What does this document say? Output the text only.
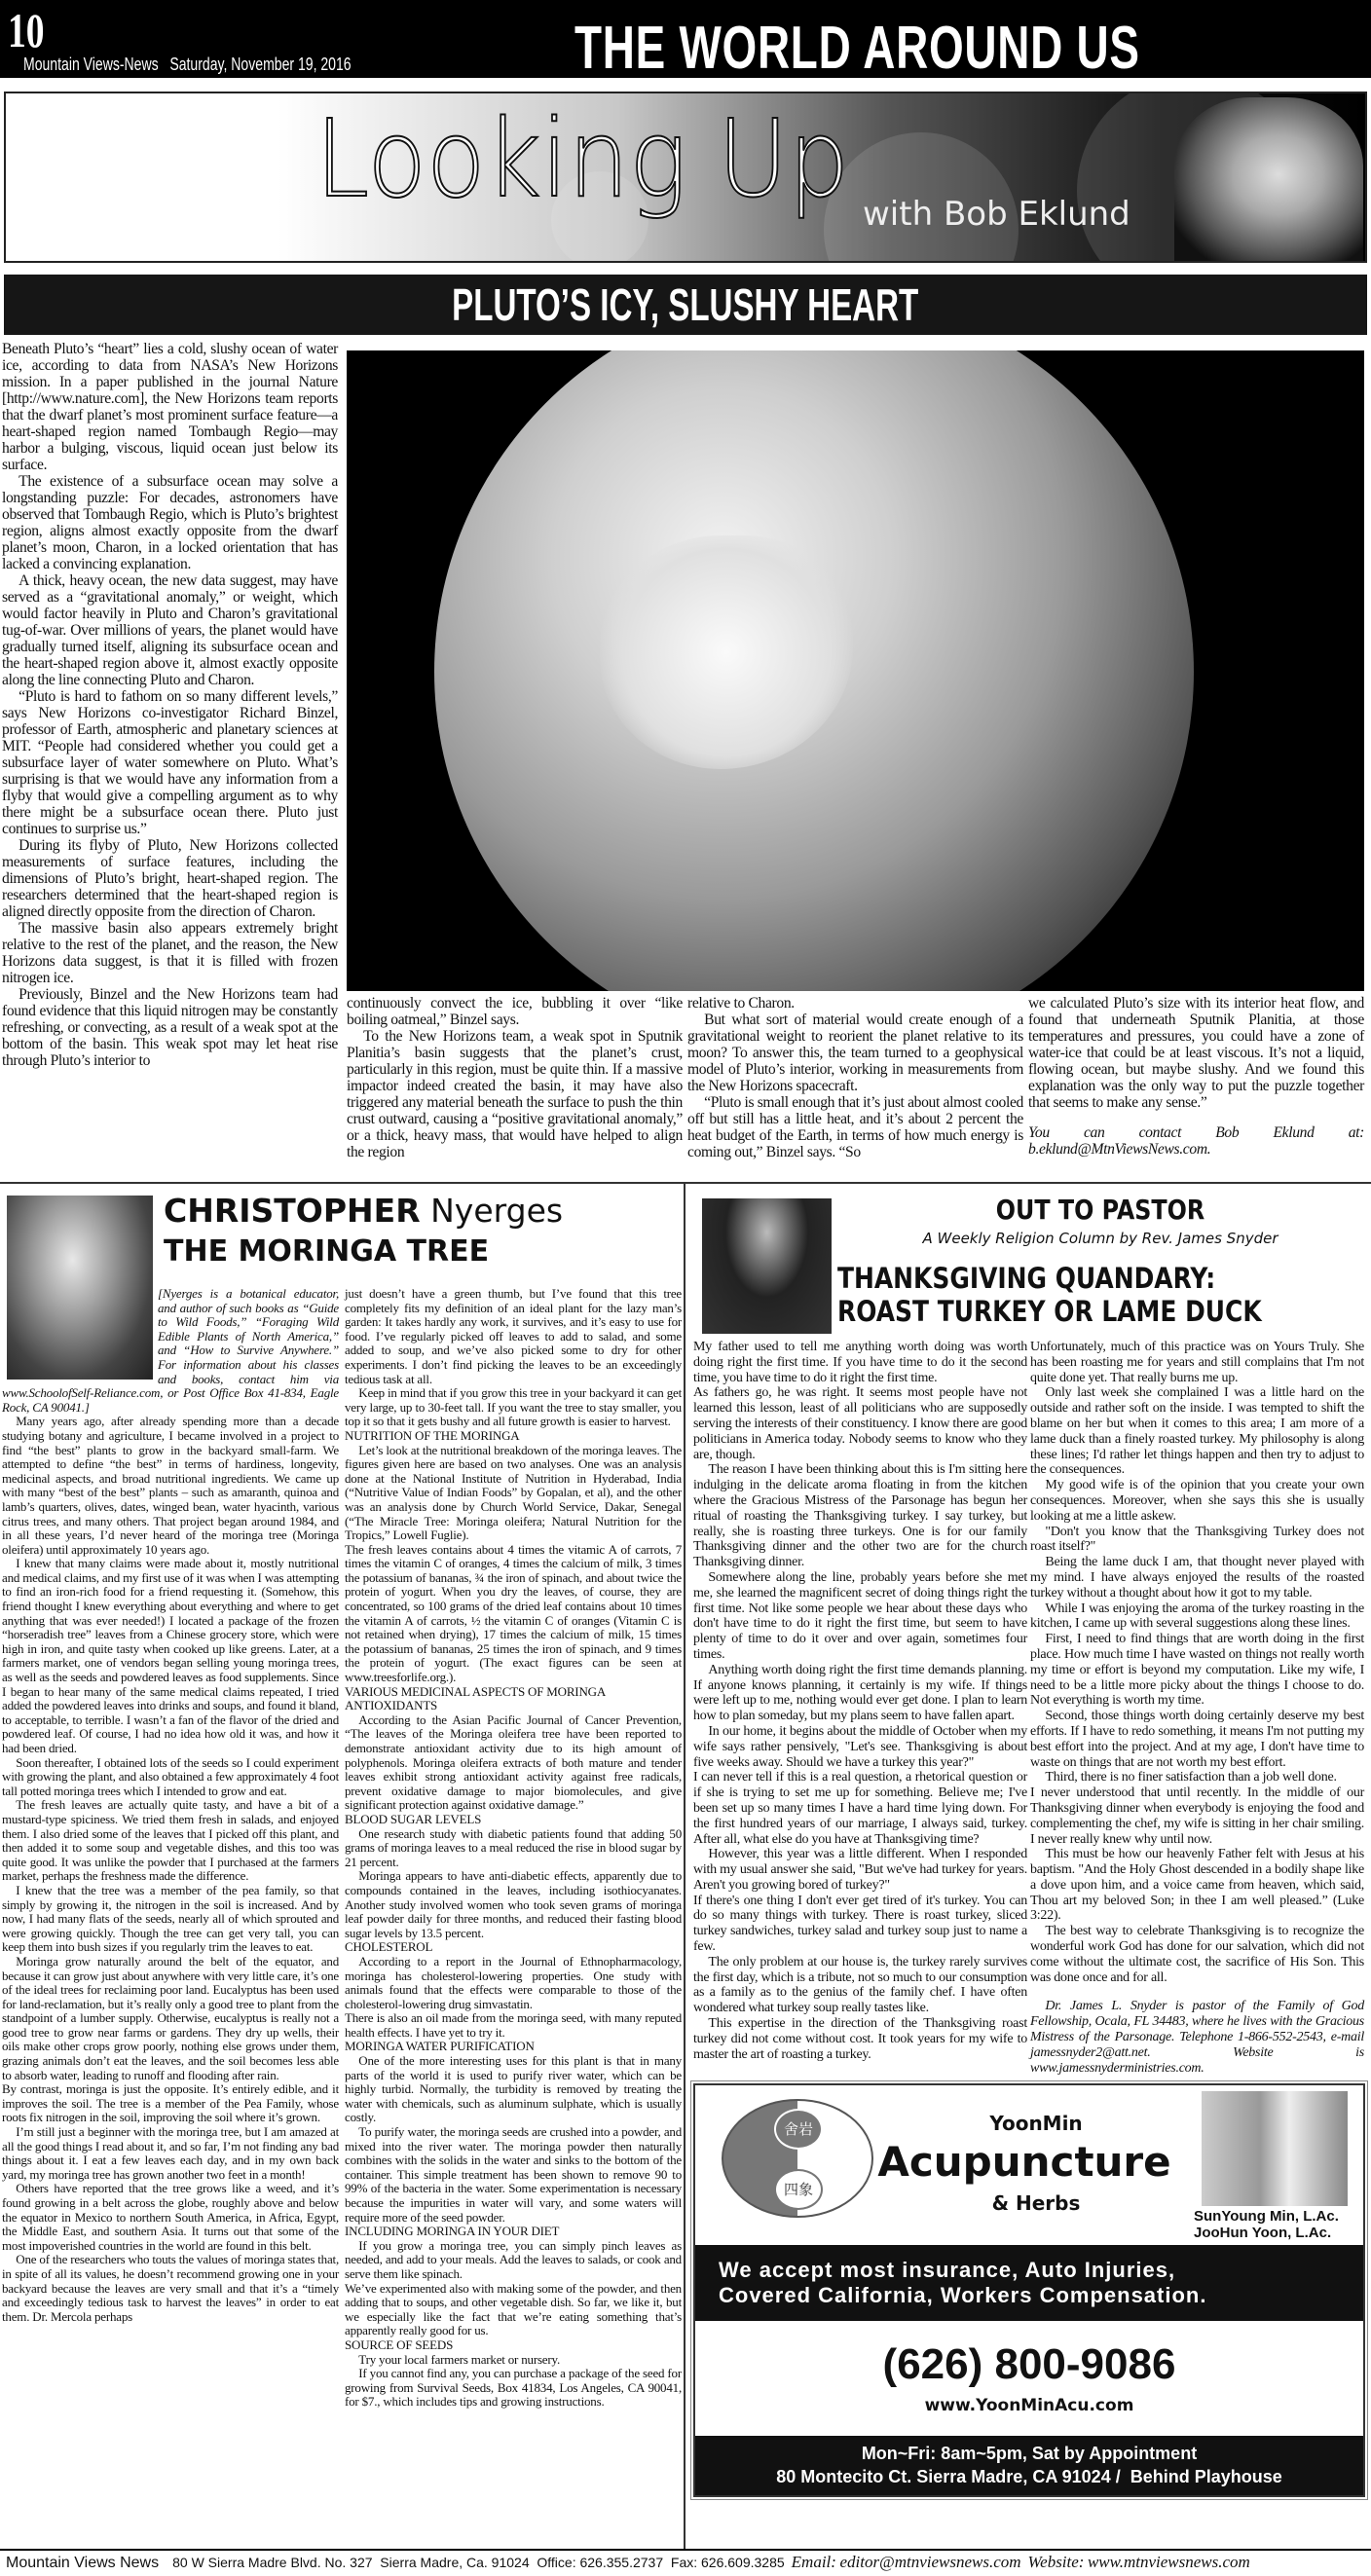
10
Mountain Views-News   Saturday, November 19, 2016	THE WORLD AROUND US
Looking Up with Bob Eklund
PLUTO’S ICY, SLUSHY HEART

Beneath Pluto’s “heart” lies a cold, slushy ocean of water ice, according to data from NASA’s New Horizons mission. In a paper published in the journal Nature [http://www.nature.com], the New Horizons team reports that the dwarf planet’s most prominent surface feature—a heart-shaped region named Tombaugh Regio—may harbor a bulging, viscous, liquid ocean just below its surface.

The existence of a subsurface ocean may solve a longstanding puzzle: For decades, astronomers have observed that Tombaugh Regio, which is Pluto’s brightest region, aligns almost exactly opposite from the dwarf planet’s moon, Charon, in a locked orientation that has lacked a convincing explanation.

A thick, heavy ocean, the new data suggest, may have served as a “gravitational anomaly,” or weight, which would factor heavily in Pluto and Charon’s gravitational tug-of-war. Over millions of years, the planet would have gradually turned itself, aligning its subsurface ocean and the heart-shaped region above it, almost exactly opposite along the line connecting Pluto and Charon.

“Pluto is hard to fathom on so many different levels,” says New Horizons co-investigator Richard Binzel, professor of Earth, atmospheric and planetary sciences at MIT. “People had considered whether you could get a subsurface layer of water somewhere on Pluto. What’s surprising is that we would have any information from a flyby that would give a compelling argument as to why there might be a subsurface ocean there. Pluto just continues to surprise us.”

During its flyby of Pluto, New Horizons collected measurements of surface features, including the dimensions of Pluto’s bright, heart-shaped region. The researchers determined that the heart-shaped region is aligned directly opposite from the direction of Charon.

The massive basin also appears extremely bright relative to the rest of the planet, and the reason, the New Horizons data suggest, is that it is filled with frozen nitrogen ice.

Previously, Binzel and the New Horizons team had found evidence that this liquid nitrogen may be constantly refreshing, or convecting, as a result of a weak spot at the bottom of the basin. This weak spot may let heat rise through Pluto’s interior to

continuously convect the ice, bubbling it over “like boiling oatmeal,” Binzel says.

To the New Horizons team, a weak spot in Sputnik Planitia’s basin suggests that the planet’s crust, particularly in this region, must be quite thin. If a massive impactor indeed created the basin, it may have also triggered any material beneath the surface to push the thin crust outward, causing a “positive gravitational anomaly,” or a thick, heavy mass, that would have helped to align the region

relative to Charon.

But what sort of material would create enough of a gravitational weight to reorient the planet relative to its moon? To answer this, the team turned to a geophysical model of Pluto’s interior, working in measurements from the New Horizons spacecraft.

“Pluto is small enough that it’s just about almost cooled off but still has a little heat, and it’s about 2 percent the heat budget of the Earth, in terms of how much energy is coming out,” Binzel says. “So

we calculated Pluto’s size with its interior heat flow, and found that underneath Sputnik Planitia, at those temperatures and pressures, you could have a zone of water-ice that could be at least viscous. It’s not a liquid, flowing ocean, but maybe slushy. And we found this explanation was the only way to put the puzzle together that seems to make any sense.”

You can contact Bob Eklund at: b.eklund@MtnViewsNews.com.
CHRISTOPHER Nyerges
THE MORINGA TREE

[Nyerges is a botanical educator, and author of such books as “Guide to Wild Foods,” “Foraging Wild Edible Plants of North America,” and “How to Survive Anywhere.” For information about his classes and books, contact him via www.SchoolofSelf-Reliance.com, or Post Office Box 41-834, Eagle Rock, CA 90041.]

Many years ago, after already spending more than a decade studying botany and agriculture, I became involved in a project to find “the best” plants to grow in the backyard small-farm. We attempted to define “the best” in terms of hardiness, longevity, medicinal aspects, and broad nutritional ingredients. We came up with many “best of the best” plants – such as amaranth, quinoa and lamb’s quarters, olives, dates, winged bean, water hyacinth, various citrus trees, and many others. That project began around 1984, and in all these years, I’d never heard of the moringa tree (Moringa oleifera) until approximately 10 years ago.

I knew that many claims were made about it, mostly nutritional and medical claims, and my first use of it was when I was attempting to find an iron-rich food for a friend requesting it. (Somehow, this friend thought I knew everything about everything and where to get anything that was ever needed!) I located a package of the frozen “horseradish tree” leaves from a Chinese grocery store, which were high in iron, and quite tasty when cooked up like greens. Later, at a farmers market, one of vendors began selling young moringa trees, as well as the seeds and powdered leaves as food supplements. Since I began to hear many of the same medical claims repeated, I tried added the powdered leaves into drinks and soups, and found it bland, to acceptable, to terrible. I wasn’t a fan of the flavor of the dried and powdered leaf. Of course, I had no idea how old it was, and how it had been dried.

Soon thereafter, I obtained lots of the seeds so I could experiment with growing the plant, and also obtained a few approximately 4 foot tall potted moringa trees which I intended to grow and eat.

The fresh leaves are actually quite tasty, and have a bit of a mustard-type spiciness. We tried them fresh in salads, and enjoyed them. I also dried some of the leaves that I picked off this plant, and then added it to some soup and vegetable dishes, and this too was quite good. It was unlike the powder that I purchased at the farmers market, perhaps the freshness made the difference.

I knew that the tree was a member of the pea family, so that simply by growing it, the nitrogen in the soil is increased. And by now, I had many flats of the seeds, nearly all of which sprouted and were growing quickly. Though the tree can get very tall, you can keep them into bush sizes if you regularly trim the leaves to eat.

Moringa grow naturally around the belt of the equator, and because it can grow just about anywhere with very little care, it’s one of the ideal trees for reclaiming poor land. Eucalyptus has been used for land-reclamation, but it’s really only a good tree to plant from the standpoint of a lumber supply. Otherwise, eucalyptus is really not a good tree to grow near farms or gardens. They dry up wells, their oils make other crops grow poorly, nothing else grows under them, grazing animals don’t eat the leaves, and the soil becomes less able to absorb water, leading to runoff and flooding after rain.

By contrast, moringa is just the opposite. It’s entirely edible, and it improves the soil. The tree is a member of the Pea Family, whose roots fix nitrogen in the soil, improving the soil where it’s grown.

I’m still just a beginner with the moringa tree, but I am amazed at all the good things I read about it, and so far, I’m not finding any bad things about it. I eat a few leaves each day, and in my own back yard, my moringa tree has grown another two feet in a month!

Others have reported that the tree grows like a weed, and it’s found growing in a belt across the globe, roughly above and below the equator in Mexico to northern South America, in Africa, Egypt, the Middle East, and southern Asia. It turns out that some of the most impoverished countries in the world are found in this belt.

One of the researchers who touts the values of moringa states that, in spite of all its values, he doesn’t recommend growing one in your backyard because the leaves are very small and that it’s a “timely and exceedingly tedious task to harvest the leaves” in order to eat them. Dr. Mercola perhaps

just doesn’t have a green thumb, but I’ve found that this tree completely fits my definition of an ideal plant for the lazy man’s garden: It takes hardly any work, it survives, and it’s easy to use for food. I’ve regularly picked off leaves to add to salad, and some added to soup, and we’ve also picked some to dry for other experiments. I don’t find picking the leaves to be an exceedingly tedious task at all.

Keep in mind that if you grow this tree in your backyard it can get very large, up to 30-feet tall. If you want the tree to stay smaller, you top it so that it gets bushy and all future growth is easier to harvest.

NUTRITION OF THE MORINGA

Let’s look at the nutritional breakdown of the moringa leaves. The figures given here are based on two analyses. One was an analysis done at the National Institute of Nutrition in Hyderabad, India (“Nutritive Value of Indian Foods” by Gopalan, et al), and the other was an analysis done by Church World Service, Dakar, Senegal (“The Miracle Tree: Moringa oleifera; Natural Nutrition for the Tropics,” Lowell Fuglie).

The fresh leaves contains about 4 times the vitamic A of carrots, 7 times the vitamin C of oranges, 4 times the calcium of milk, 3 times the potassium of bananas, ¾ the iron of spinach, and about twice the protein of yogurt. When you dry the leaves, of course, they are concentrated, so 100 grams of the dried leaf contains about 10 times the vitamin A of carrots, ½ the vitamin C of oranges (Vitamin C is not retained when drying), 17 times the calcium of milk, 15 times the potassium of bananas, 25 times the iron of spinach, and 9 times the protein of yogurt. (The exact figures can be seen at www.treesforlife.org.).

VARIOUS MEDICINAL ASPECTS OF MORINGA

ANTIOXIDANTS

According to the Asian Pacific Journal of Cancer Prevention, “The leaves of the Moringa oleifera tree have been reported to demonstrate antioxidant activity due to its high amount of polyphenols. Moringa oleifera extracts of both mature and tender leaves exhibit strong antioxidant activity against free radicals, prevent oxidative damage to major biomolecules, and give significant protection against oxidative damage.”

BLOOD SUGAR LEVELS

One research study with diabetic patients found that adding 50 grams of moringa leaves to a meal reduced the rise in blood sugar by 21 percent.

Moringa appears to have anti-diabetic effects, apparently due to compounds contained in the leaves, including isothiocyanates. Another study involved women who took seven grams of moringa leaf powder daily for three months, and reduced their fasting blood sugar levels by 13.5 percent.

CHOLESTEROL

According to a report in the Journal of Ethnopharmacology, moringa has cholesterol-lowering properties. One study with animals found that the effects were comparable to those of the cholesterol-lowering drug simvastatin.

There is also an oil made from the moringa seed, with many reputed health effects. I have yet to try it.

MORINGA WATER PURIFICATION

One of the more interesting uses for this plant is that in many parts of the world it is used to purify river water, which can be highly turbid. Normally, the turbidity is removed by treating the water with chemicals, such as aluminum sulphate, which is usually costly.

To purify water, the moringa seeds are crushed into a powder, and mixed into the river water. The moringa powder then naturally combines with the solids in the water and sinks to the bottom of the container. This simple treatment has been shown to remove 90 to 99% of the bacteria in the water. Some experimentation is necessary because the impurities in water will vary, and some waters will require more of the seed powder.

INCLUDING MORINGA IN YOUR DIET

If you grow a moringa tree, you can simply pinch leaves as needed, and add to your meals. Add the leaves to salads, or cook and serve them like spinach.

We’ve experimented also with making some of the powder, and then adding that to soups, and other vegetable dish. So far, we like it, but we especially like the fact that we’re eating something that’s apparently really good for us.

SOURCE OF SEEDS

Try your local farmers market or nursery.

If you cannot find any, you can purchase a package of the seed for growing from Survival Seeds, Box 41834, Los Angeles, CA 90041, for $7., which includes tips and growing instructions.

OUT TO PASTOR
A Weekly Religion Column by Rev. James Snyder
THANKSGIVING QUANDARY:
ROAST TURKEY OR LAME DUCK

My father used to tell me anything worth doing was worth doing right the first time. If you have time to do it the second time, you have time to do it right the first time.

As fathers go, he was right. It seems most people have not learned this lesson, least of all politicians who are supposedly serving the interests of their constituency. I know there are good politicians in America today. Nobody seems to know who they are, though.

The reason I have been thinking about this is I'm sitting here indulging in the delicate aroma floating in from the kitchen where the Gracious Mistress of the Parsonage has begun her ritual of roasting the Thanksgiving turkey. I say turkey, but really, she is roasting three turkeys. One is for our family Thanksgiving dinner and the other two are for the church Thanksgiving dinner.

Somewhere along the line, probably years before she met me, she learned the magnificent secret of doing things right the first time. Not like some people we hear about these days who don't have time to do it right the first time, but seem to have plenty of time to do it over and over again, sometimes four times.

Anything worth doing right the first time demands planning. If anyone knows planning, it certainly is my wife. If things were left up to me, nothing would ever get done. I plan to learn how to plan someday, but my plans seem to have fallen apart.

In our home, it begins about the middle of October when my wife says rather pensively, "Let's see. Thanksgiving is about five weeks away. Should we have a turkey this year?"

I can never tell if this is a real question, a rhetorical question or if she is trying to set me up for something. Believe me; I've been set up so many times I have a hard time lying down. For the first hundred years of our marriage, I always said, turkey. After all, what else do you have at Thanksgiving time?

However, this year was a little different. When I responded with my usual answer she said, "But we've had turkey for years. Aren't you growing bored of turkey?"

If there's one thing I don't ever get tired of it's turkey. You can do so many things with turkey. There is roast turkey, sliced turkey sandwiches, turkey salad and turkey soup just to name a few.

The only problem at our house is, the turkey rarely survives the first day, which is a tribute, not so much to our consumption as a family as to the genius of the family chef. I have often wondered what turkey soup really tastes like.

This expertise in the direction of the Thanksgiving roast turkey did not come without cost. It took years for my wife to master the art of roasting a turkey.

Unfortunately, much of this practice was on Yours Truly. She has been roasting me for years and still complains that I'm not quite done yet. That really burns me up.

Only last week she complained I was a little hard on the outside and rather soft on the inside. I was tempted to shift the blame on her but when it comes to this area; I am more of a lame duck than a finely roasted turkey. My philosophy is along these lines; I'd rather let things happen and then try to adjust to the consequences.

My good wife is of the opinion that you create your own consequences. Moreover, when she says this she is usually looking at me a little askew.

"Don't you know that the Thanksgiving Turkey does not roast itself?"

Being the lame duck I am, that thought never played with my mind. I have always enjoyed the results of the roasted turkey without a thought about how it got to my table.

While I was enjoying the aroma of the turkey roasting in the kitchen, I came up with several suggestions along these lines.

First, I need to find things that are worth doing in the first place. How much time I have wasted on things not really worth my time or effort is beyond my computation. Like my wife, I need to be a little more picky about the things I choose to do. Not everything is worth my time.

Second, those things worth doing certainly deserve my best efforts. If I have to redo something, it means I'm not putting my best effort into the project. And at my age, I don't have time to waste on things that are not worth my best effort.

Third, there is no finer satisfaction than a job well done.

I never understood that until recently. In the middle of our Thanksgiving dinner when everybody is enjoying the food and complementing the chef, my wife is sitting in her chair smiling. I never really knew why until now.

This must be how our heavenly Father felt with Jesus at his baptism. "And the Holy Ghost descended in a bodily shape like a dove upon him, and a voice came from heaven, which said, Thou art my beloved Son; in thee I am well pleased.” (Luke 3:22).

The best way to celebrate Thanksgiving is to recognize the wonderful work God has done for our salvation, which did not come without the ultimate cost, the sacrifice of His Son. This was done once and for all.

Dr. James L. Snyder is pastor of the Family of God Fellowship, Ocala, FL 34483, where he lives with the Gracious Mistress of the Parsonage. Telephone 1-866-552-2543, e-mail jamessnyder2@att.net. Website is www.jamessnyderministries.com.
舍岩
四象
YoonMin
Acupuncture
& Herbs
SunYoung Min, L.Ac.
JooHun Yoon, L.Ac.
We accept most insurance, Auto Injuries,
Covered California, Workers Compensation.
(626) 800-9086
www.YoonMinAcu.com
Mon~Fri: 8am~5pm, Sat by Appointment
80 Montecito Ct. Sierra Madre, CA 91024 /  Behind Playhouse
Mountain Views News 80 W Sierra Madre Blvd. No. 327  Sierra Madre, Ca. 91024  Office: 626.355.2737  Fax: 626.609.3285 Email: editor@mtnviewsnews.com Website: www.mtnviewsnews.com
